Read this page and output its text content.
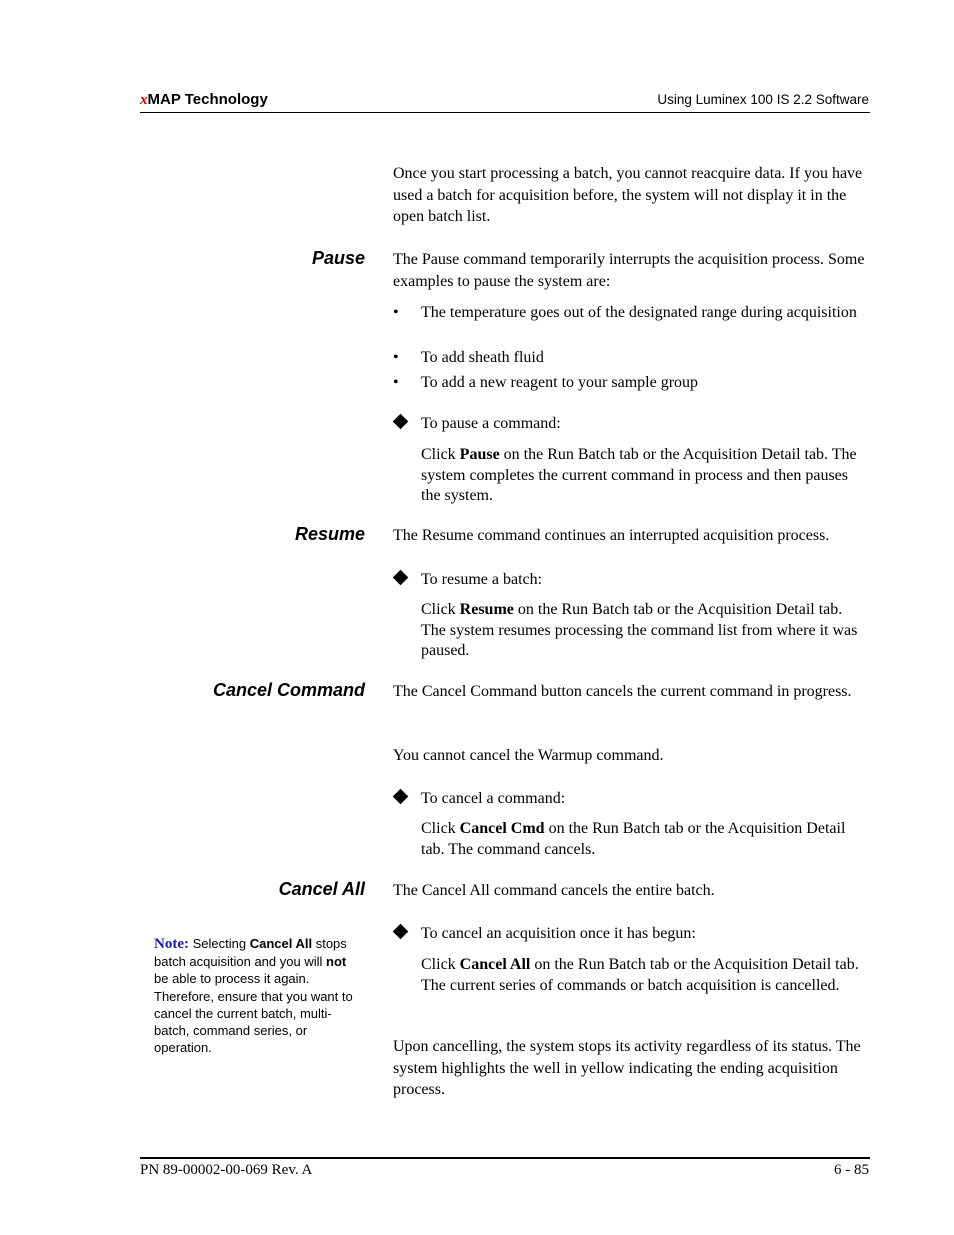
xMAP Technology	Using Luminex 100 IS 2.2 Software
Once you start processing a batch, you cannot reacquire data. If you have used a batch for acquisition before, the system will not display it in the open batch list.
Pause The Pause command temporarily interrupts the acquisition process. Some examples to pause the system are:
• The temperature goes out of the designated range during acquisition
• To add sheath fluid
• To add a new reagent to your sample group
To pause a command:
Click Pause on the Run Batch tab or the Acquisition Detail tab. The system completes the current command in process and then pauses the system.
Resume The Resume command continues an interrupted acquisition process.
To resume a batch:
Click Resume on the Run Batch tab or the Acquisition Detail tab. The system resumes processing the command list from where it was paused.
Cancel Command The Cancel Command button cancels the current command in progress.
You cannot cancel the Warmup command.
To cancel a command:
Click Cancel Cmd on the Run Batch tab or the Acquisition Detail tab. The command cancels.
Cancel All The Cancel All command cancels the entire batch.
Note: Selecting Cancel All stops batch acquisition and you will not be able to process it again. Therefore, ensure that you want to cancel the current batch, multi-batch, command series, or operation.
To cancel an acquisition once it has begun:
Click Cancel All on the Run Batch tab or the Acquisition Detail tab. The current series of commands or batch acquisition is cancelled.
Upon cancelling, the system stops its activity regardless of its status. The system highlights the well in yellow indicating the ending acquisition process.
PN 89-00002-00-069 Rev. A	6 - 85
